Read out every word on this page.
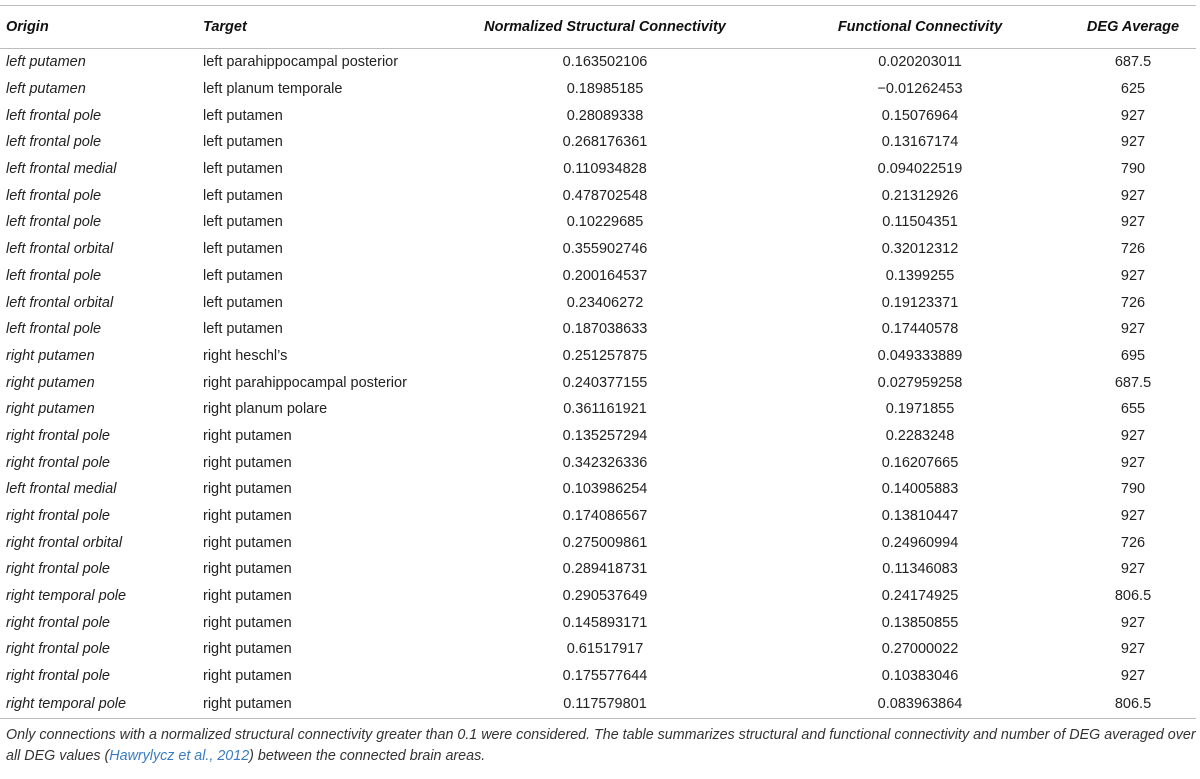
Origin	Target	Normalized Structural Connectivity	Functional Connectivity	DEG Average
left putamen	left parahippocampal posterior	0.163502106	0.020203011	687.5
left putamen	left planum temporale	0.18985185	−0.01262453	625
left frontal pole	left putamen	0.28089338	0.15076964	927
left frontal pole	left putamen	0.268176361	0.13167174	927
left frontal medial	left putamen	0.110934828	0.094022519	790
left frontal pole	left putamen	0.478702548	0.21312926	927
left frontal pole	left putamen	0.10229685	0.11504351	927
left frontal orbital	left putamen	0.355902746	0.32012312	726
left frontal pole	left putamen	0.200164537	0.1399255	927
left frontal orbital	left putamen	0.23406272	0.19123371	726
left frontal pole	left putamen	0.187038633	0.17440578	927
right putamen	right heschl’s	0.251257875	0.049333889	695
right putamen	right parahippocampal posterior	0.240377155	0.027959258	687.5
right putamen	right planum polare	0.361161921	0.1971855	655
right frontal pole	right putamen	0.135257294	0.2283248	927
right frontal pole	right putamen	0.342326336	0.16207665	927
left frontal medial	right putamen	0.103986254	0.14005883	790
right frontal pole	right putamen	0.174086567	0.13810447	927
right frontal orbital	right putamen	0.275009861	0.24960994	726
right frontal pole	right putamen	0.289418731	0.11346083	927
right temporal pole	right putamen	0.290537649	0.24174925	806.5
right frontal pole	right putamen	0.145893171	0.13850855	927
right frontal pole	right putamen	0.61517917	0.27000022	927
right frontal pole	right putamen	0.175577644	0.10383046	927
right temporal pole	right putamen	0.117579801	0.083963864	806.5
Only connections with a normalized structural connectivity greater than 0.1 were considered. The table summarizes structural and functional connectivity and number of DEG averaged over all DEG values (Hawrylycz et al., 2012) between the connected brain areas.				
